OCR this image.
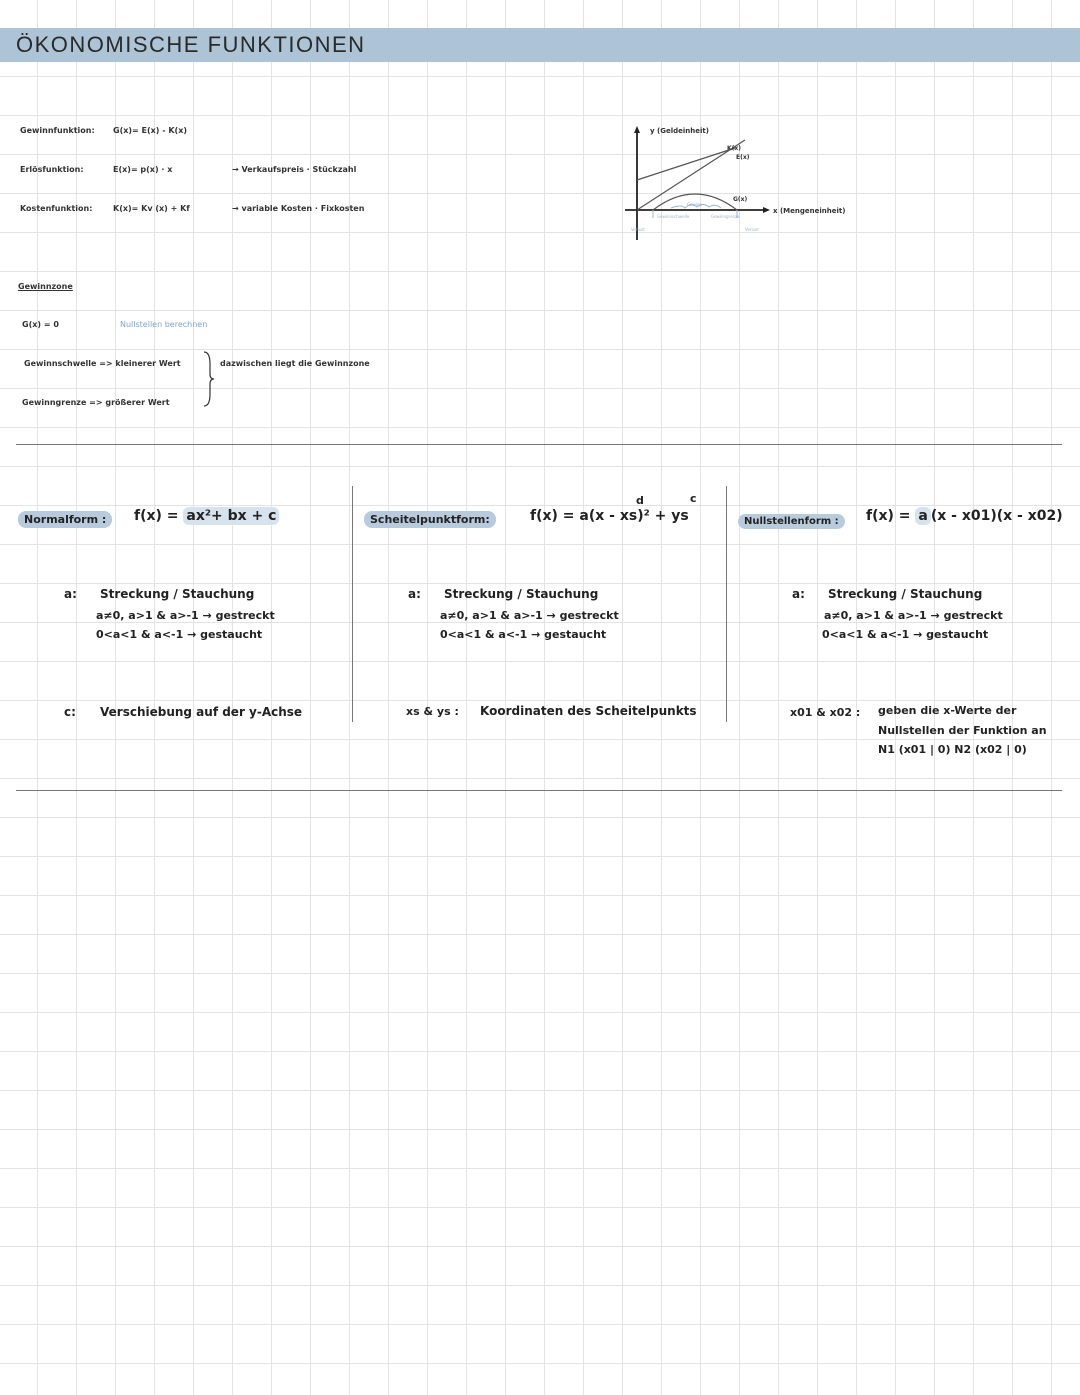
ÖKONOMISCHE FUNKTIONEN
Gewinnfunktion: G(x)= E(x) - K(x)
Erlösfunktion:	E(x)= p(x) · x	→ Verkaufspreis · Stückzahl
Kostenfunktion:	K(x)= Kv (x) + Kf	→ variable Kosten · Fixkosten
y (Geldeinheit)
x (Mengeneinheit)
K(x)
E(x)
G(x)
Gewinn
Verlust	Verlust
Gewinnschwelle	Gewinngrenze
Gewinnzone
G(x) = 0	Nullstellen berechnen
Gewinnschwelle => kleinerer Wert
Gewinngrenze => größerer Wert
dazwischen liegt die Gewinnzone
Normalform :	f(x) = ax²+ bx + c
a: Streckung / Stauchung
a≠0, a>1 & a>-1 → gestreckt
0<a<1 & a<-1 → gestaucht
c: Verschiebung auf der y-Achse
d	c
Scheitelpunktform:	f(x) = a(x - xs)² + ys
a: Streckung / Stauchung
a≠0, a>1 & a>-1 → gestreckt
0<a<1 & a<-1 → gestaucht
xs & ys : Koordinaten des Scheitelpunkts
Nullstellenform :	f(x) = a (x - x01)(x - x02)
a: Streckung / Stauchung
a≠0, a>1 & a>-1 → gestreckt
0<a<1 & a<-1 → gestaucht
x01 & x02 : geben die x-Werte der
Nullstellen der Funktion an
N1 (x01 | 0) N2 (x02 | 0)
